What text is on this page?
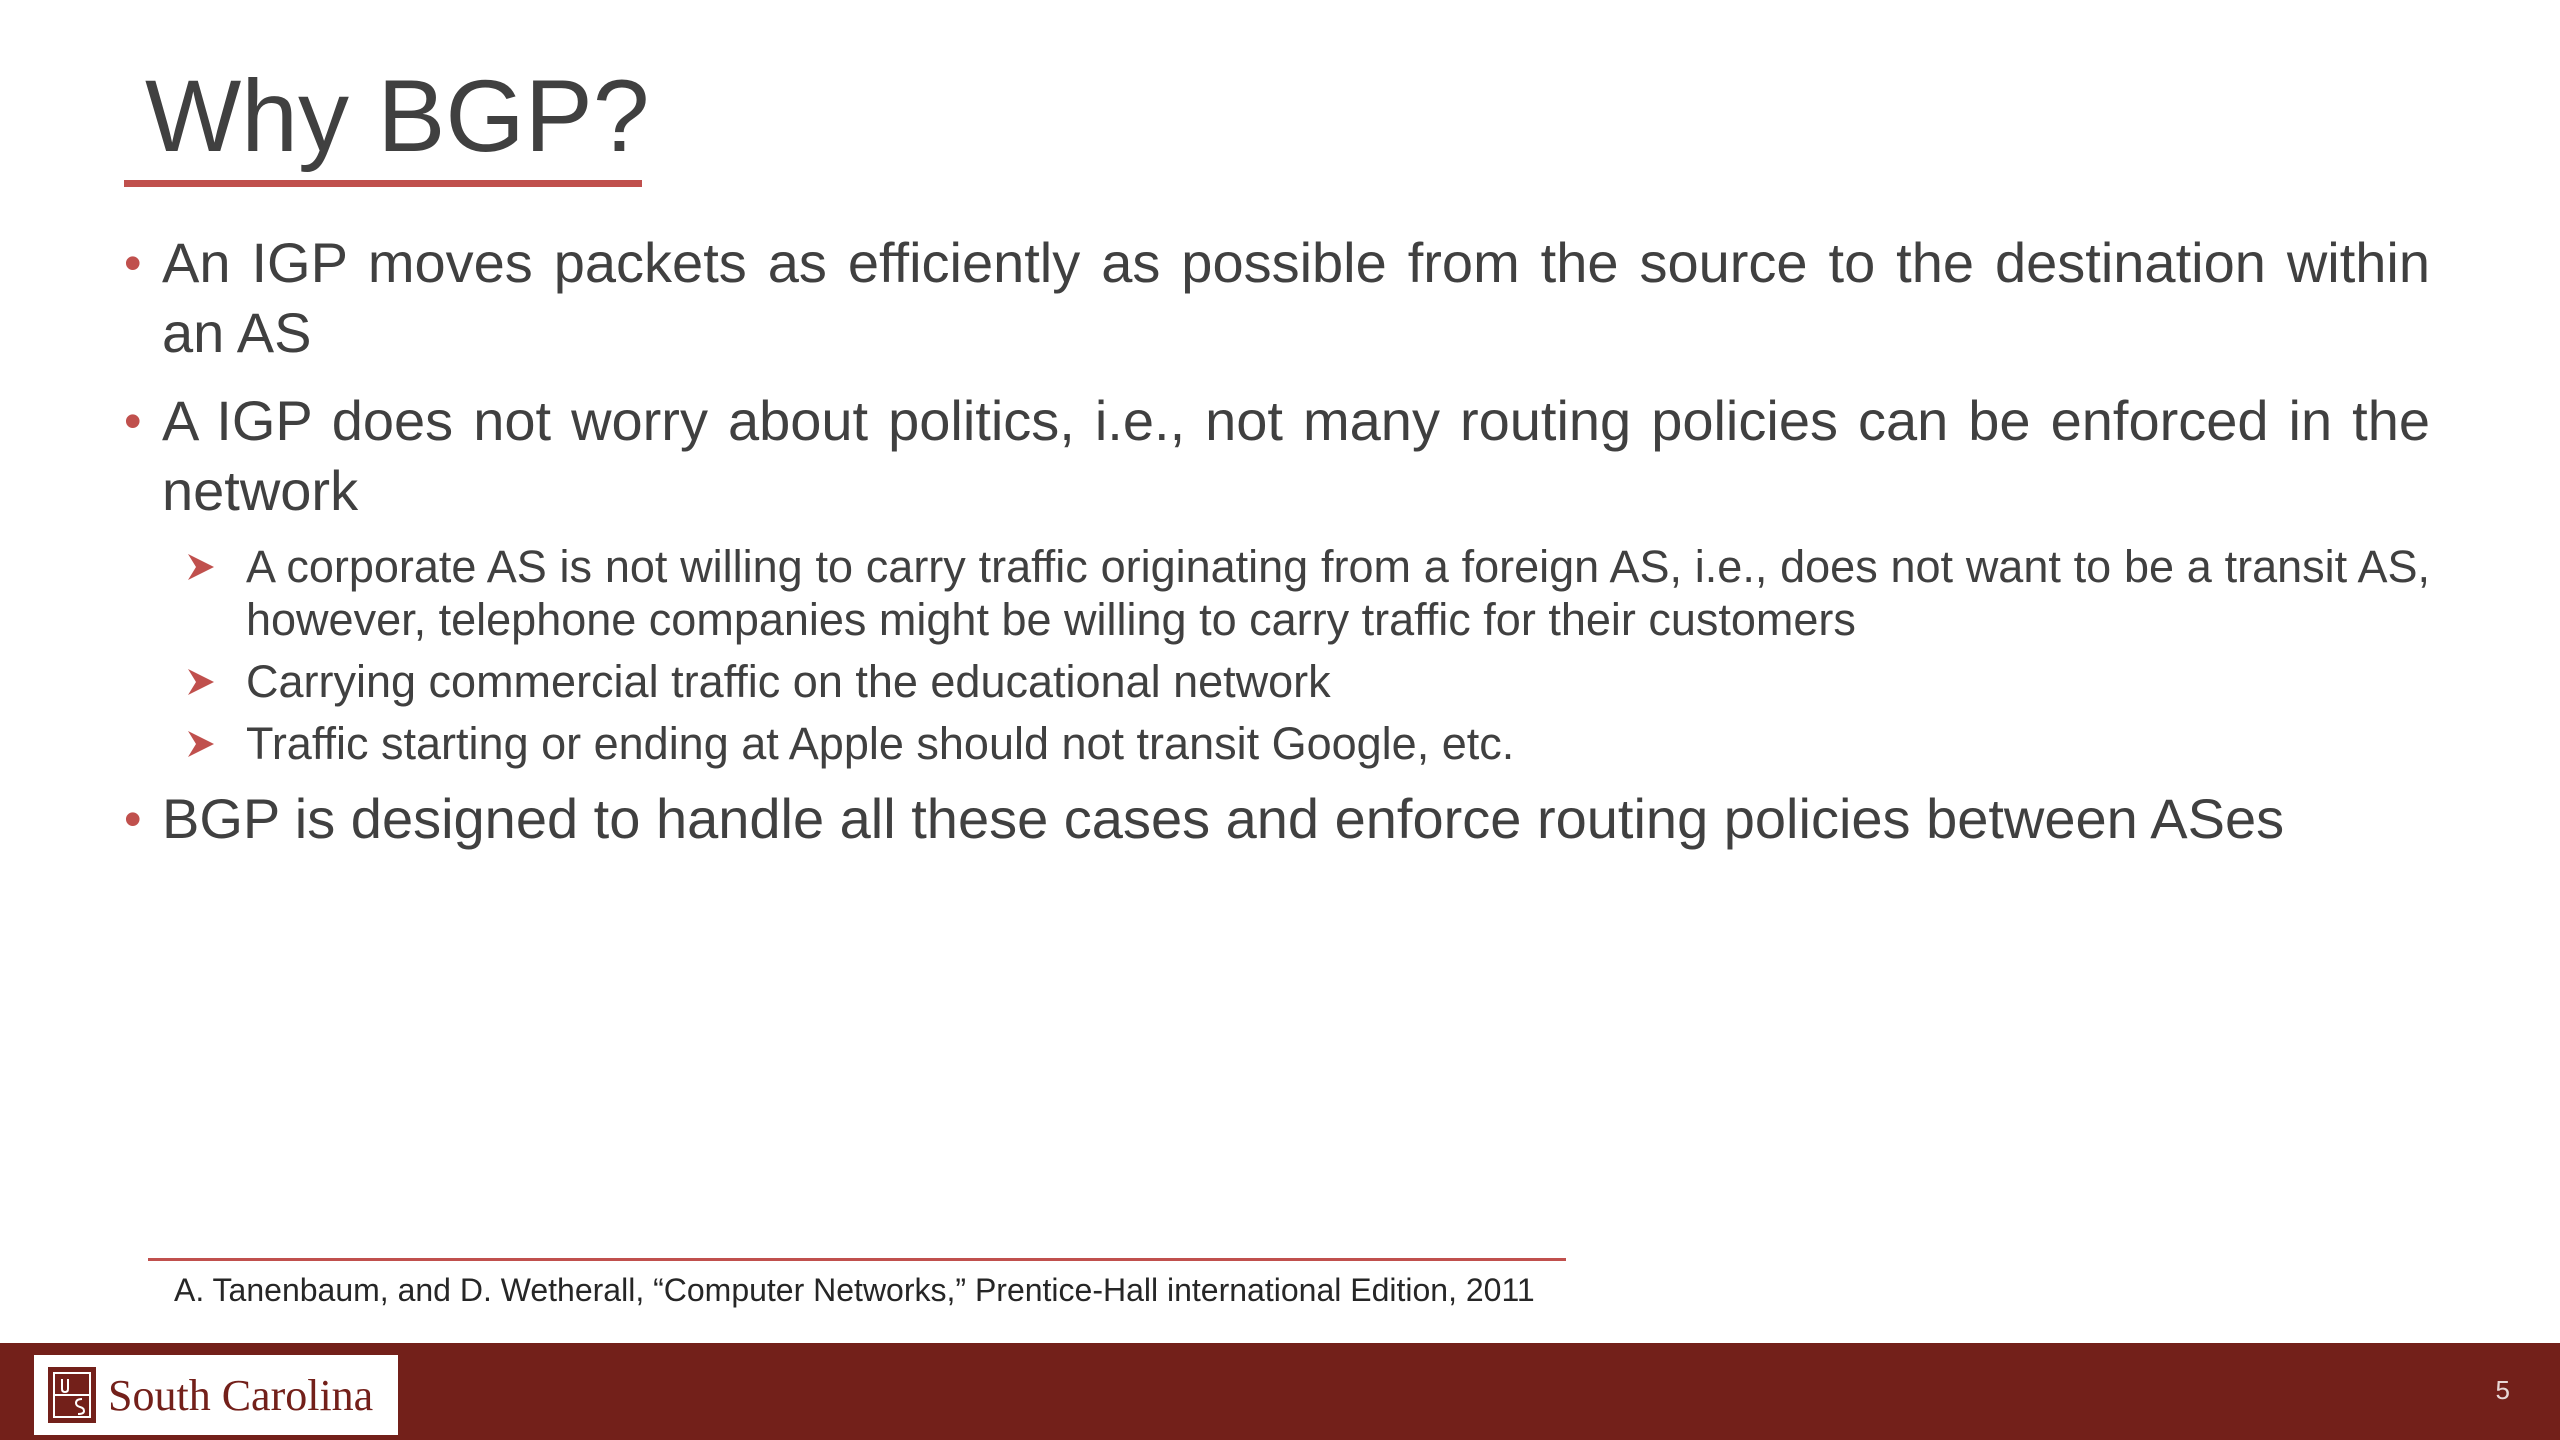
Why BGP?
• An IGP moves packets as efficiently as possible from the source to the destination within an AS
• A IGP does not worry about politics, i.e., not many routing policies can be enforced in the network
A corporate AS is not willing to carry traffic originating from a foreign AS, i.e., does not want to be a transit AS, however, telephone companies might be willing to carry traffic for their customers
Carrying commercial traffic on the educational network
Traffic starting or ending at Apple should not transit Google, etc.
• BGP is designed to handle all these cases and enforce routing policies between ASes
A. Tanenbaum, and D. Wetherall, “Computer Networks,” Prentice-Hall international Edition, 2011
South Carolina	5
